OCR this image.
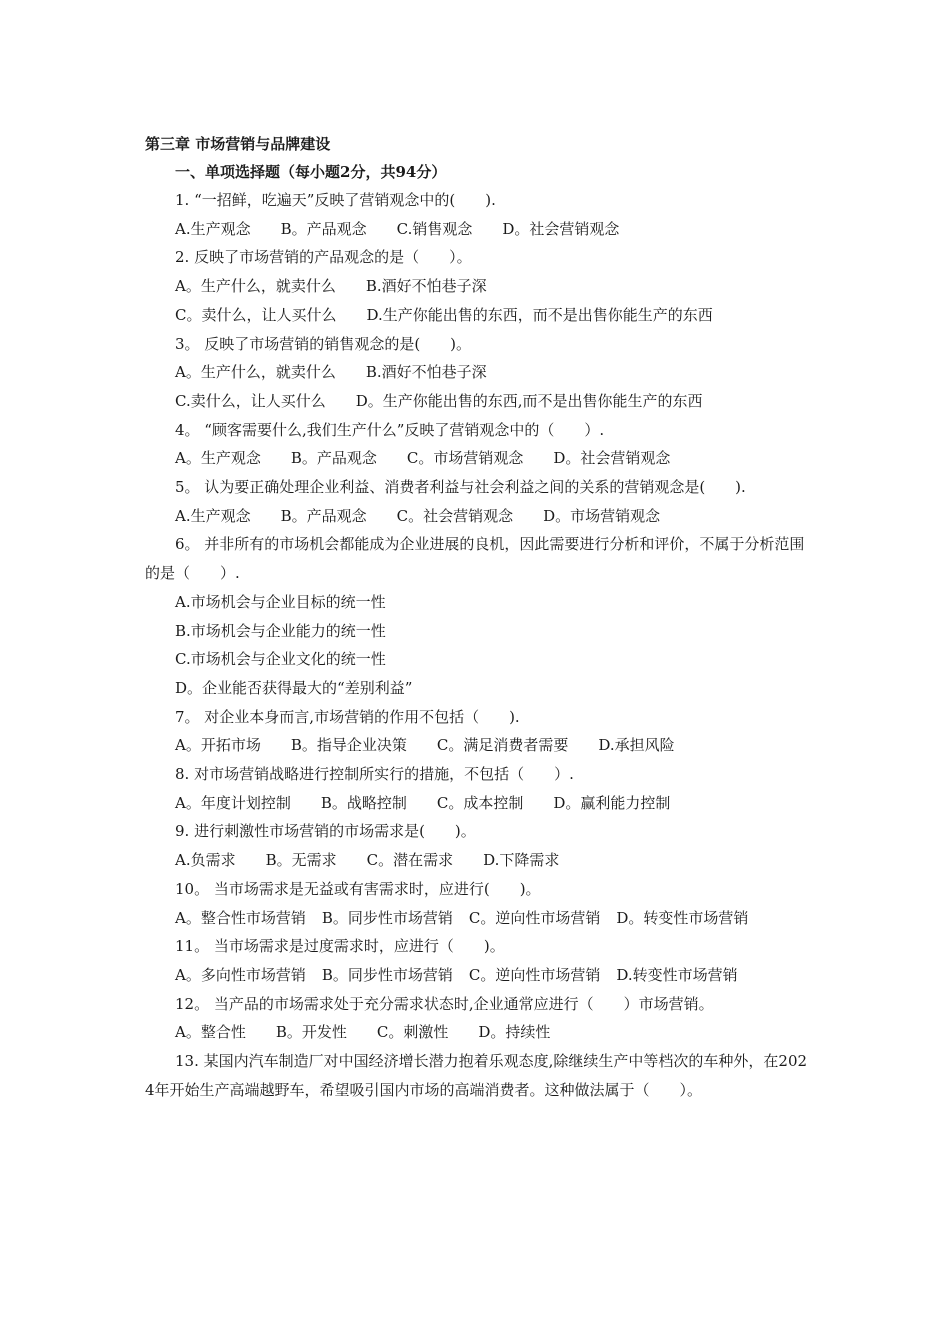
第三章 市场营销与品牌建设

一、单项选择题（每小题2分，共94分）

1. “一招鲜，吃遍天”反映了营销观念中的(　　).

A.生产观念 B。产品观念 C.销售观念 D。社会营销观念

2. 反映了市场营销的产品观念的是（　　）。

A。生产什么，就卖什么 B.酒好不怕巷子深

C。卖什么，让人买什么 D.生产你能出售的东西，而不是出售你能生产的东西

3。 反映了市场营销的销售观念的是(　　)。

A。生产什么，就卖什么 B.酒好不怕巷子深

C.卖什么，让人买什么 D。生产你能出售的东西,而不是出售你能生产的东西

4。 “顾客需要什么,我们生产什么”反映了营销观念中的（　　）.

A。生产观念 B。产品观念 C。市场营销观念 D。社会营销观念

5。 认为要正确处理企业利益、消费者利益与社会利益之间的关系的营销观念是(　　).

A.生产观念 B。产品观念 C。社会营销观念 D。市场营销观念

6。 并非所有的市场机会都能成为企业进展的良机，因此需要进行分析和评价，不属于分析范围的是（　　）.

A.市场机会与企业目标的统一性

B.市场机会与企业能力的统一性

C.市场机会与企业文化的统一性

D。企业能否获得最大的“差别利益”

7。 对企业本身而言,市场营销的作用不包括（　　).

A。开拓市场 B。指导企业决策 C。满足消费者需要 D.承担风险

8. 对市场营销战略进行控制所实行的措施，不包括（　　）.

A。年度计划控制 B。战略控制 C。成本控制 D。赢利能力控制

9. 进行刺激性市场营销的市场需求是(　　)。

A.负需求 B。无需求 C。潜在需求 D.下降需求

10。 当市场需求是无益或有害需求时，应进行(　　)。

A。整合性市场营销 B。同步性市场营销 C。逆向性市场营销 D。转变性市场营销

11。 当市场需求是过度需求时，应进行（　　)。

A。多向性市场营销 B。同步性市场营销 C。逆向性市场营销 D.转变性市场营销

12。 当产品的市场需求处于充分需求状态时,企业通常应进行（　　）市场营销。

A。整合性 B。开发性 C。刺激性 D。持续性

13. 某国内汽车制造厂对中国经济增长潜力抱着乐观态度,除继续生产中等档次的车种外，在2024年开始生产高端越野车，希望吸引国内市场的高端消费者。这种做法属于（　　）。
